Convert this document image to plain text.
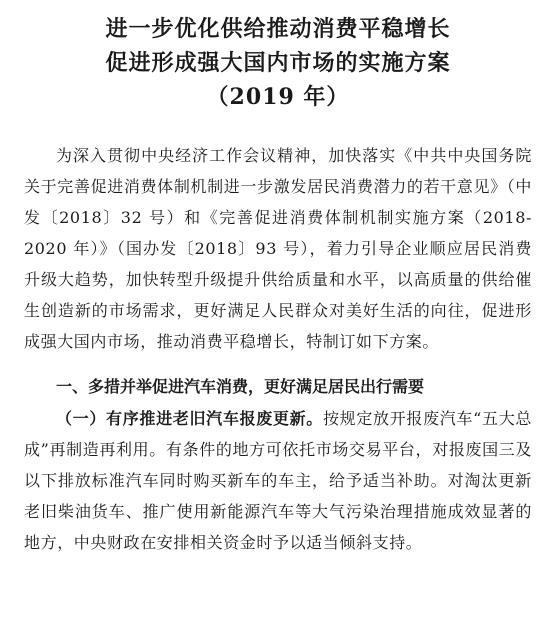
进一步优化供给推动消费平稳增长
促进形成强大国内市场的实施方案
（2019 年）

为深入贯彻中央经济工作会议精神，加快落实《中共中央国务院关于完善促进消费体制机制进一步激发居民消费潜力的若干意见》（中发〔2018〕32 号）和《完善促进消费体制机制实施方案（2018-2020 年）》（国办发〔2018〕93 号），着力引导企业顺应居民消费升级大趋势，加快转型升级提升供给质量和水平，以高质量的供给催生创造新的市场需求，更好满足人民群众对美好生活的向往，促进形成强大国内市场，推动消费平稳增长，特制订如下方案。

一、多措并举促进汽车消费，更好满足居民出行需要

（一）有序推进老旧汽车报废更新。按规定放开报废汽车“五大总成”再制造再利用。有条件的地方可依托市场交易平台，对报废国三及以下排放标准汽车同时购买新车的车主，给予适当补助。对淘汰更新老旧柴油货车、推广使用新能源汽车等大气污染治理措施成效显著的地方，中央财政在安排相关资金时予以适当倾斜支持。
